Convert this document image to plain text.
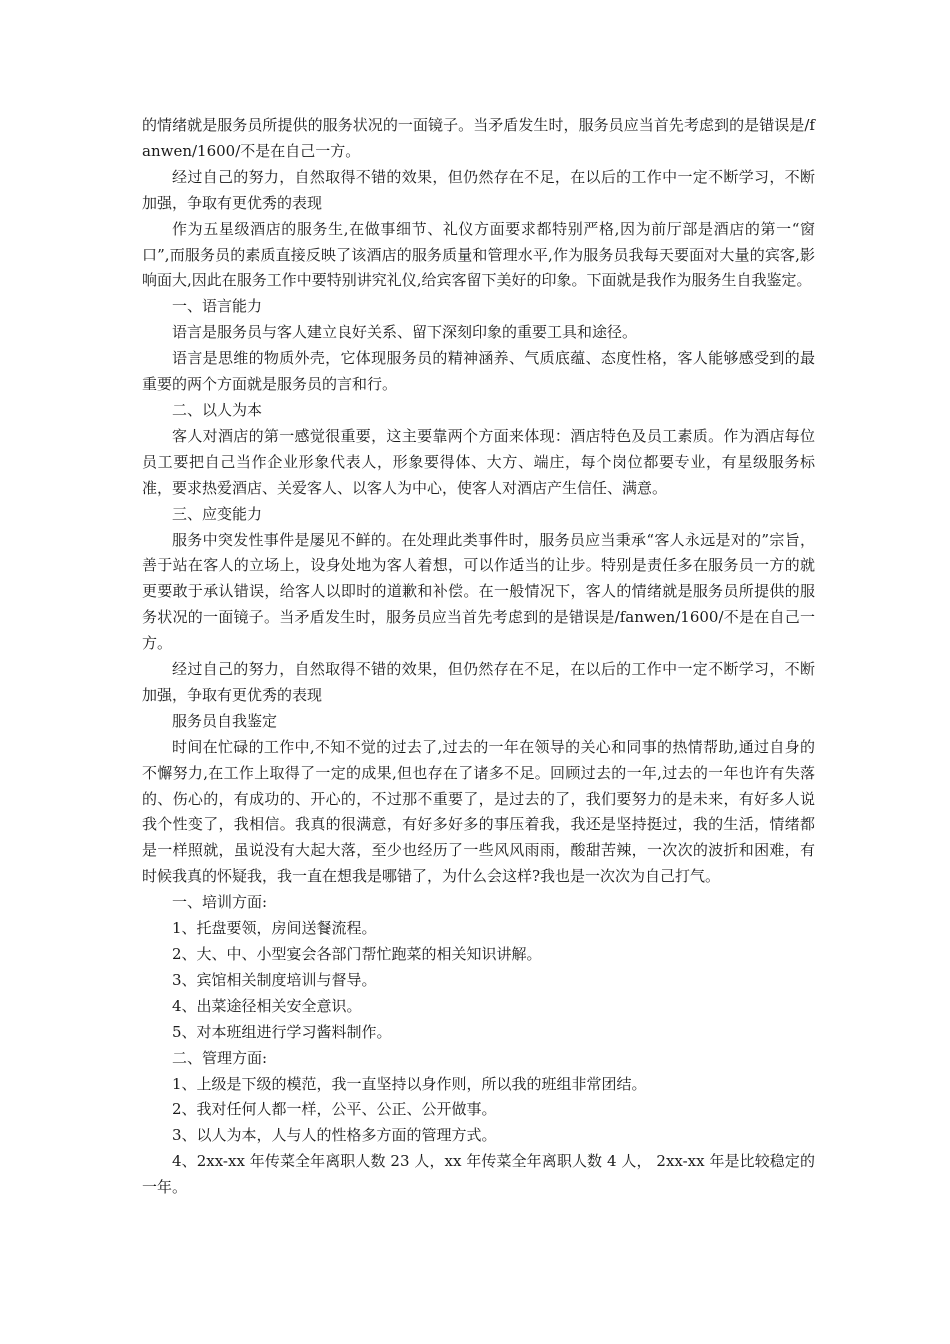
的情绪就是服务员所提供的服务状况的一面镜子。当矛盾发生时，服务员应当首先考虑到的是错误是/fanwen/1600/不是在自己一方。

经过自己的努力，自然取得不错的效果，但仍然存在不足，在以后的工作中一定不断学习，不断加强，争取有更优秀的表现

作为五星级酒店的服务生,在做事细节、礼仪方面要求都特别严格,因为前厅部是酒店的第一“窗口”,而服务员的素质直接反映了该酒店的服务质量和管理水平,作为服务员我每天要面对大量的宾客,影响面大,因此在服务工作中要特别讲究礼仪,给宾客留下美好的印象。下面就是我作为服务生自我鉴定。

一、语言能力

语言是服务员与客人建立良好关系、留下深刻印象的重要工具和途径。

语言是思维的物质外壳，它体现服务员的精神涵养、气质底蕴、态度性格，客人能够感受到的最重要的两个方面就是服务员的言和行。

二、以人为本

客人对酒店的第一感觉很重要，这主要靠两个方面来体现：酒店特色及员工素质。作为酒店每位员工要把自己当作企业形象代表人，形象要得体、大方、端庄，每个岗位都要专业，有星级服务标准，要求热爱酒店、关爱客人、以客人为中心，使客人对酒店产生信任、满意。

三、应变能力

服务中突发性事件是屡见不鲜的。在处理此类事件时，服务员应当秉承“客人永远是对的”宗旨，善于站在客人的立场上，设身处地为客人着想，可以作适当的让步。特别是责任多在服务员一方的就更要敢于承认错误，给客人以即时的道歉和补偿。在一般情况下，客人的情绪就是服务员所提供的服务状况的一面镜子。当矛盾发生时，服务员应当首先考虑到的是错误是/fanwen/1600/不是在自己一方。

经过自己的努力，自然取得不错的效果，但仍然存在不足，在以后的工作中一定不断学习，不断加强，争取有更优秀的表现

服务员自我鉴定

时间在忙碌的工作中,不知不觉的过去了,过去的一年在领导的关心和同事的热情帮助,通过自身的不懈努力,在工作上取得了一定的成果,但也存在了诸多不足。回顾过去的一年,过去的一年也许有失落的、伤心的，有成功的、开心的，不过那不重要了，是过去的了，我们要努力的是未来，有好多人说我个性变了，我相信。我真的很满意，有好多好多的事压着我，我还是坚持挺过，我的生活，情绪都是一样照就，虽说没有大起大落，至少也经历了一些风风雨雨，酸甜苦辣，一次次的波折和困难，有时候我真的怀疑我，我一直在想我是哪错了，为什么会这样?我也是一次次为自己打气。

一、培训方面:

1、托盘要领，房间送餐流程。

2、大、中、小型宴会各部门帮忙跑菜的相关知识讲解。

3、宾馆相关制度培训与督导。

4、出菜途径相关安全意识。

5、对本班组进行学习酱料制作。

二、管理方面:

1、上级是下级的模范，我一直坚持以身作则，所以我的班组非常团结。

2、我对任何人都一样，公平、公正、公开做事。

3、以人为本，人与人的性格多方面的管理方式。

4、2xx-xx 年传菜全年离职人数 23 人，xx 年传菜全年离职人数 4 人， 2xx-xx 年是比较稳定的一年。
